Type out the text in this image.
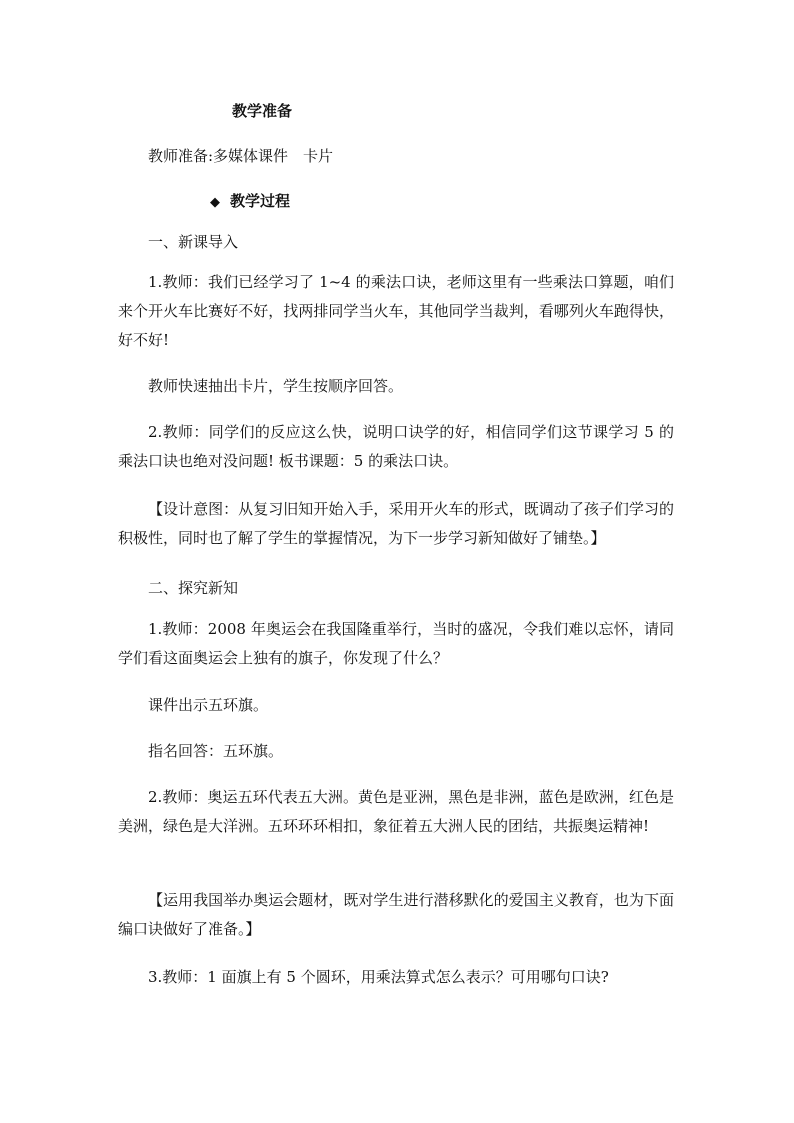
教学准备
教师准备:多媒体课件　卡片
◆ 教学过程
一、新课导入
1.教师：我们已经学习了 1~4 的乘法口诀，老师这里有一些乘法口算题，咱们来个开火车比赛好不好，找两排同学当火车，其他同学当裁判，看哪列火车跑得快，好不好!
教师快速抽出卡片，学生按顺序回答。
2.教师：同学们的反应这么快，说明口诀学的好，相信同学们这节课学习 5 的乘法口诀也绝对没问题! 板书课题：5 的乘法口诀。
【设计意图：从复习旧知开始入手，采用开火车的形式，既调动了孩子们学习的积极性，同时也了解了学生的掌握情况，为下一步学习新知做好了铺垫。】
二、探究新知
1.教师：2008 年奥运会在我国隆重举行，当时的盛况，令我们难以忘怀，请同学们看这面奥运会上独有的旗子，你发现了什么？
课件出示五环旗。
指名回答：五环旗。
2.教师：奥运五环代表五大洲。黄色是亚洲，黑色是非洲，蓝色是欧洲，红色是美洲，绿色是大洋洲。五环环环相扣，象征着五大洲人民的团结，共振奥运精神!
【运用我国举办奥运会题材，既对学生进行潜移默化的爱国主义教育，也为下面编口诀做好了准备。】
3.教师：1 面旗上有 5 个圆环，用乘法算式怎么表示？可用哪句口诀?
